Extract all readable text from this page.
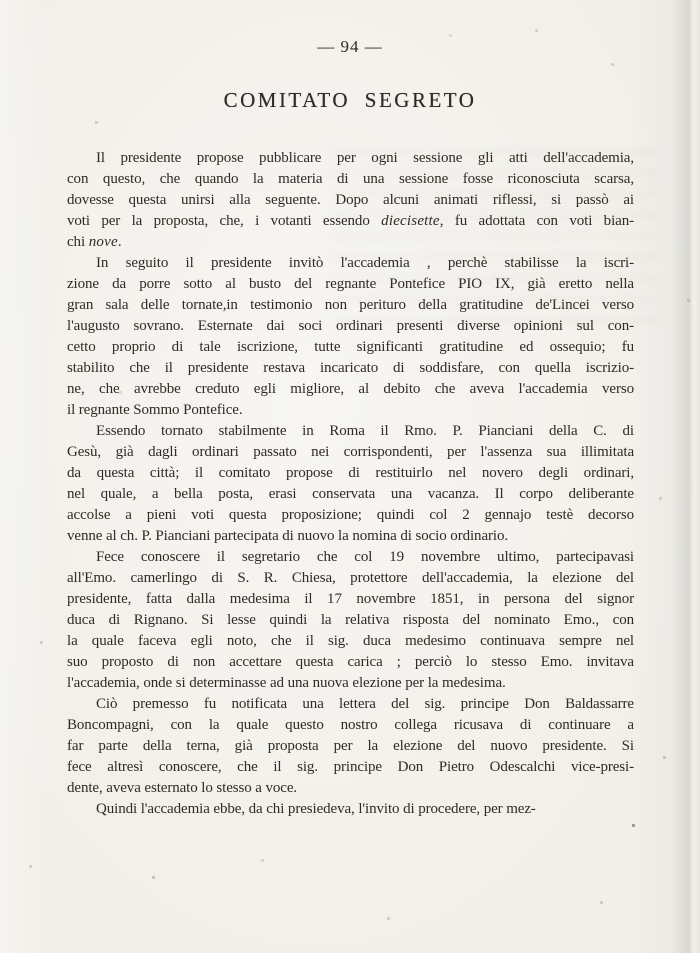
— 94 —
COMITATO SEGRETO

Il presidente propose pubblicare per ogni sessione gli atti dell'accademia,
con questo, che quando la materia di una sessione fosse riconosciuta scarsa,
dovesse questa unirsi alla seguente. Dopo alcuni animati riflessi, si passò ai
voti per la proposta, che, i votanti essendo diecisette, fu adottata con voti bian-
chi nove.

In seguito il presidente invitò l'accademia , perchè stabilisse la iscri-
zione da porre sotto al busto del regnante Pontefice PIO IX, già eretto nella
gran sala delle tornate,in testimonio non perituro della gratitudine de'Lincei verso
l'augusto sovrano. Esternate dai soci ordinari presenti diverse opinioni sul con-
cetto proprio di tale iscrizione, tutte significanti gratitudine ed ossequio; fu
stabilito che il presidente restava incaricato di soddisfare, con quella iscrizio-
ne, che avrebbe creduto egli migliore, al debito che aveva l'accademia verso
il regnante Sommo Pontefice.

Essendo tornato stabilmente in Roma il Rmo. P. Pianciani della C. di
Gesù, già dagli ordinari passato nei corrispondenti, per l'assenza sua illimitata
da questa città; il comitato propose di restituirlo nel novero degli ordinari,
nel quale, a bella posta, erasi conservata una vacanza. Il corpo deliberante
accolse a pieni voti questa proposizione; quindi col 2 gennajo testè decorso
venne al ch. P. Pianciani partecipata di nuovo la nomina di socio ordinario.

Fece conoscere il segretario che col 19 novembre ultimo, partecipavasi
all'Emo. camerlingo di S. R. Chiesa, protettore dell'accademia, la elezione del
presidente, fatta dalla medesima il 17 novembre 1851, in persona del signor
duca di Rignano. Si lesse quindi la relativa risposta del nominato Emo., con
la quale faceva egli noto, che il sig. duca medesimo continuava sempre nel
suo proposto di non accettare questa carica ; perciò lo stesso Emo. invitava
l'accademia, onde si determinasse ad una nuova elezione per la medesima.

Ciò premesso fu notificata una lettera del sig. principe Don Baldassarre
Boncompagni, con la quale questo nostro collega ricusava di continuare a
far parte della terna, già proposta per la elezione del nuovo presidente. Si
fece altresì conoscere, che il sig. principe Don Pietro Odescalchi vice-presi-
dente, aveva esternato lo stesso a voce.

Quindi l'accademia ebbe, da chi presiedeva, l'invito di procedere, per mez-
